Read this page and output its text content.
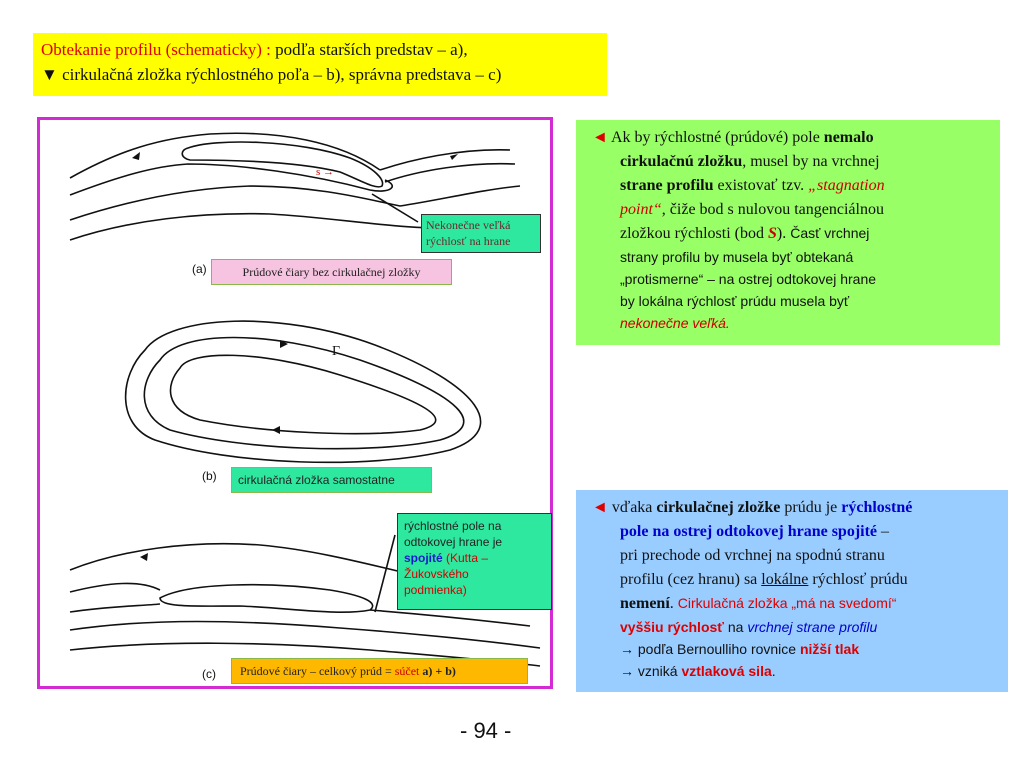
Obtekanie profilu (schematicky) : podľa starších predstav – a),
▼ cirkulačná zložka rýchlostného poľa – b), správna predstava – c)
(a)
(b)
(c)
Γ
s →
Prúdové čiary bez cirkulačnej zložky
Nekonečne veľká
rýchlosť na hrane
cirkulačná zložka samostatne
rýchlostné pole na
odtokovej hrane je
spojité (Kutta –
Žukovského
podmienka)
Prúdové čiary – celkový prúd = súčet a) + b)
◄ Ak by rýchlostné (prúdové) pole nemalo
cirkulačnú zložku, musel by na vrchnej
strane profilu existovať tzv. „stagnation
point“, čiže bod s nulovou tangenciálnou
zložkou rýchlosti (bod S). Časť vrchnej
strany profilu by musela byť obtekaná
„protismerne“ – na ostrej odtokovej hrane
by lokálna rýchlosť prúdu musela byť
nekonečne veľká.
◄ vďaka cirkulačnej zložke prúdu je rýchlostné
pole na ostrej odtokovej hrane spojité –
pri prechode od vrchnej na spodnú stranu
profilu (cez hranu) sa lokálne rýchlosť prúdu
nemení. Cirkulačná zložka „má na svedomí“
vyššiu rýchlosť na vrchnej strane profilu
→ podľa Bernoulliho rovnice nižší tlak
→ vzniká vztlaková sila.
- 94 -
